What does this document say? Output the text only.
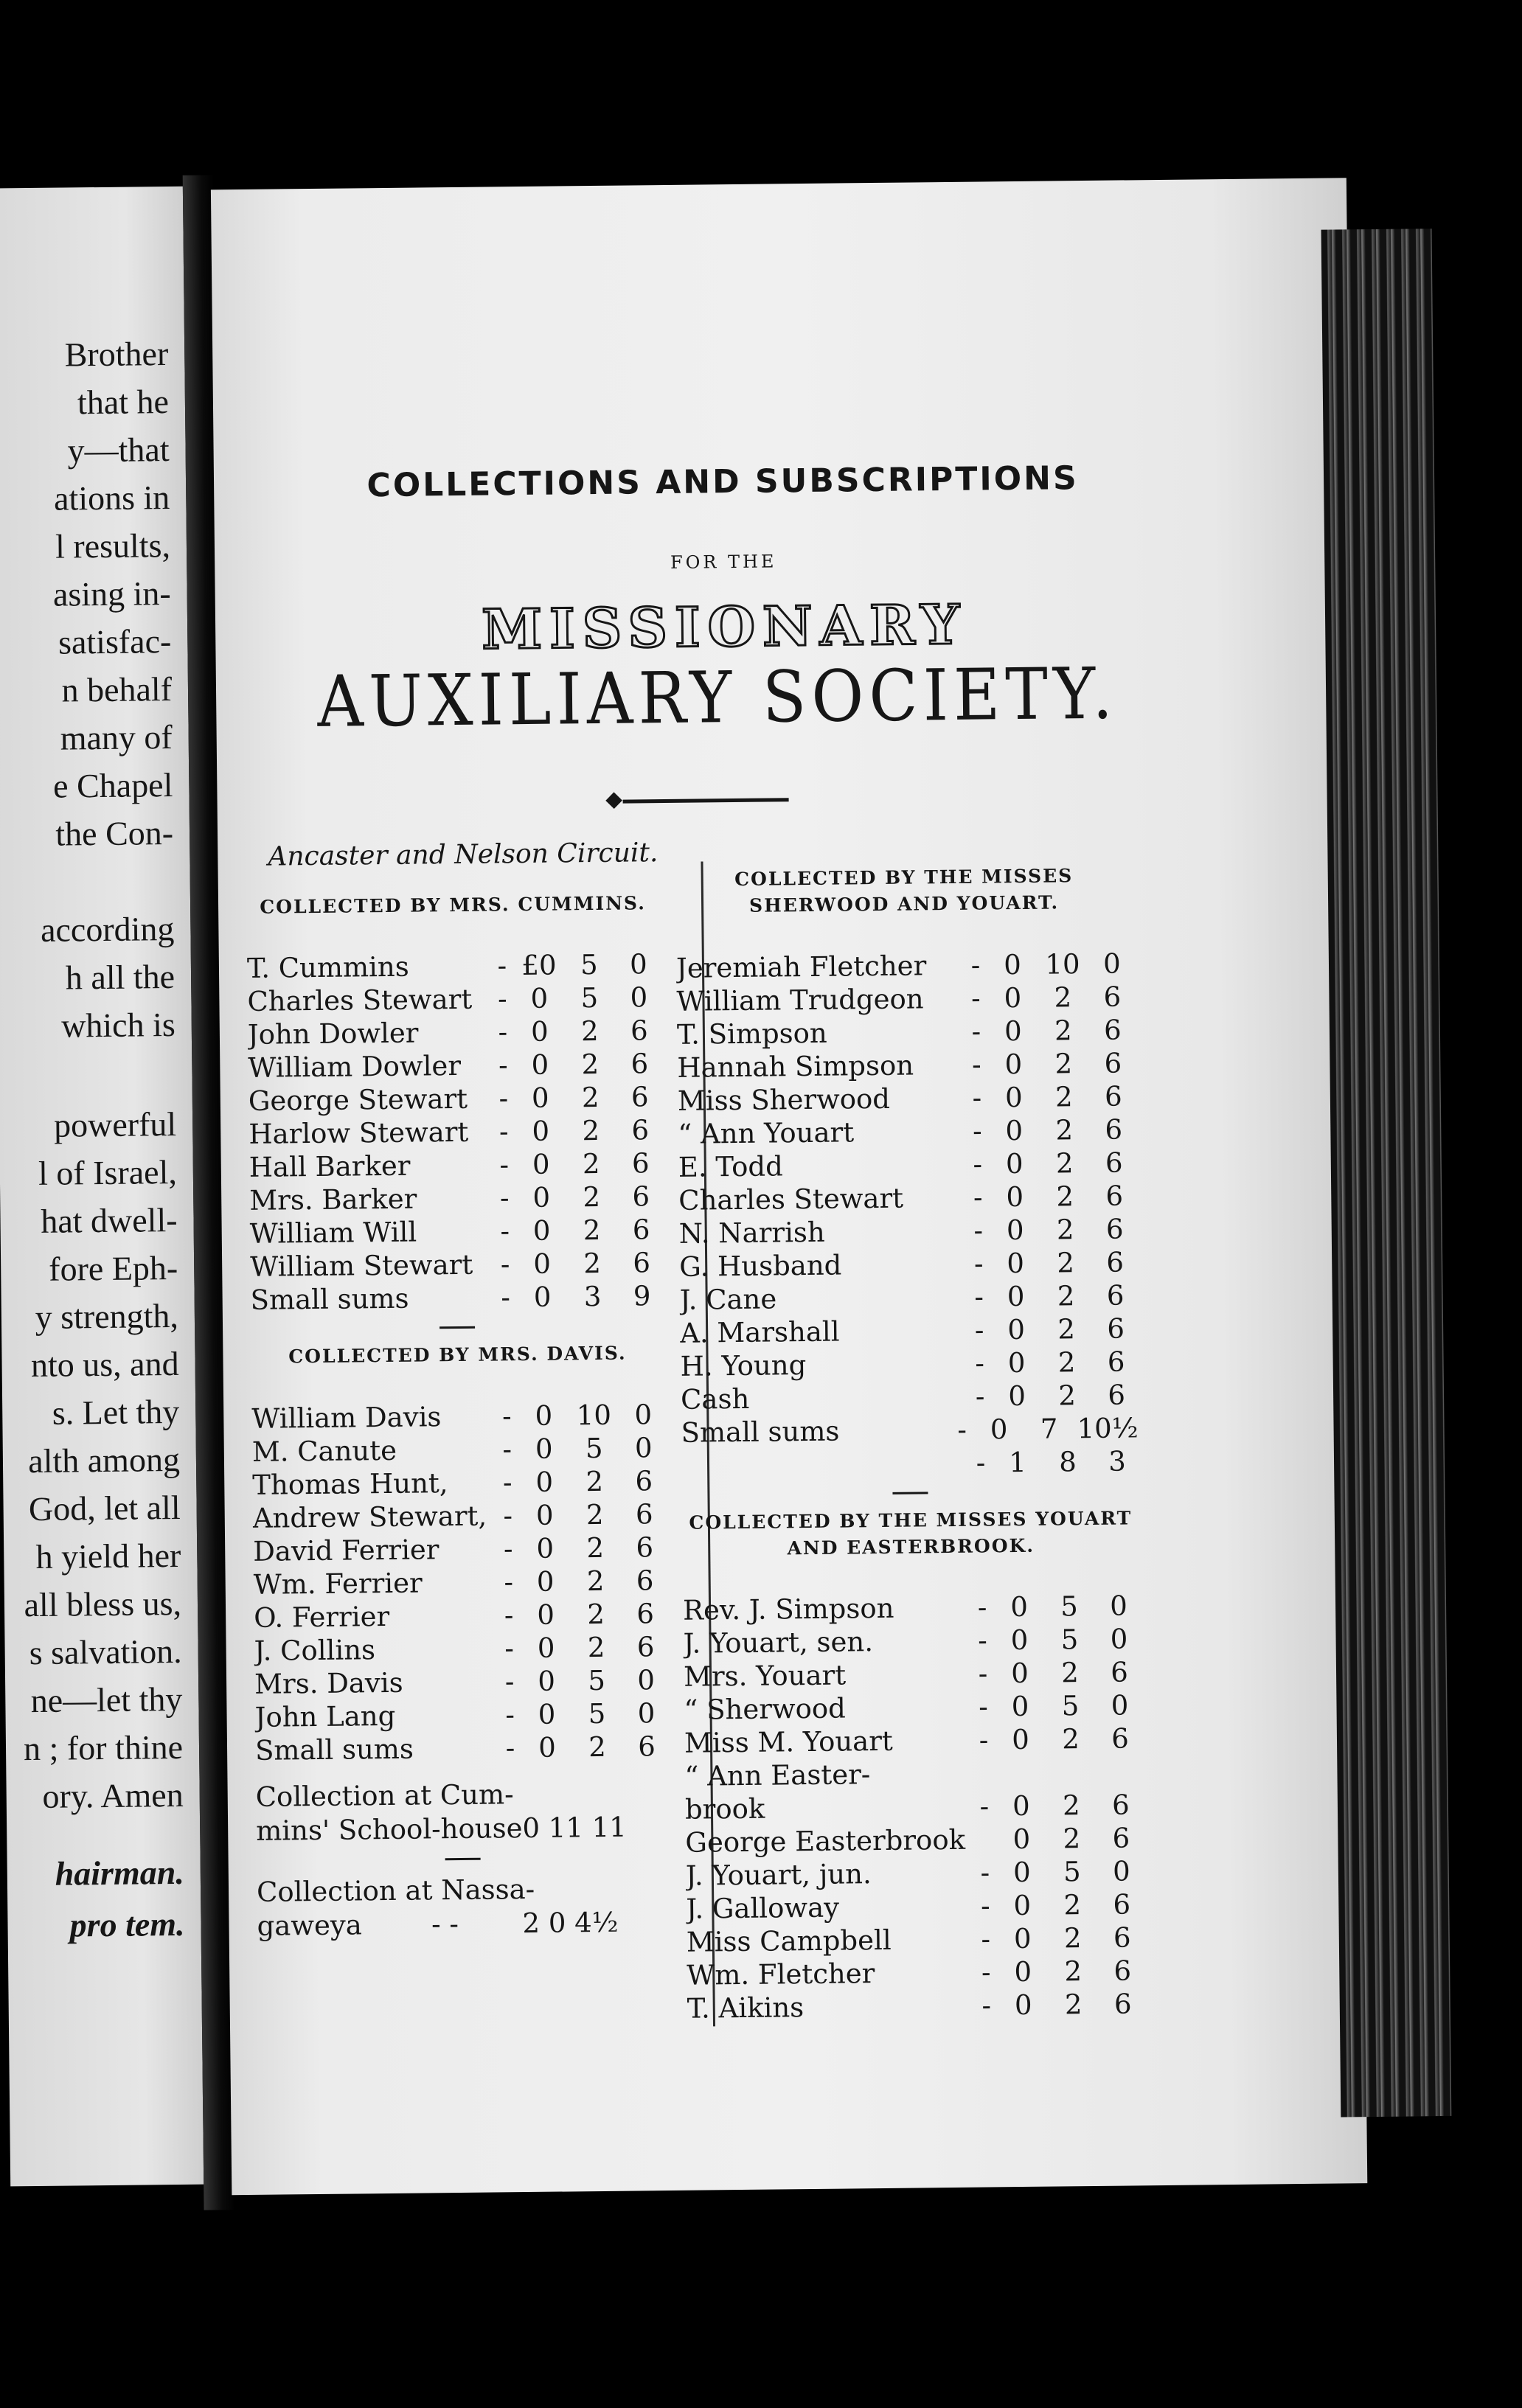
Brother
that he
y—that
ations in
l results,
asing in-
satisfac-
n behalf
many of
e Chapel
the Con-
according
h all the
which is
powerful
l of Israel,
hat dwell-
fore Eph-
y strength,
nto us, and
s. Let thy
alth among
God, let all
h yield her
all bless us,
s salvation.
ne—let thy
n ; for thine
ory. Amen
hairman.
pro tem.
COLLECTIONS AND SUBSCRIPTIONS
FOR THE
MISSIONARY
AUXILIARY SOCIETY.
Ancaster and Nelson Circuit.
COLLECTED BY MRS. CUMMINS.
T. Cummins	- £0 5	0
Charles Stewart - 0	5	0
John Dowler	- 0	2	6
William Dowler	- 0	2	6
George Stewart	- 0	2	6
Harlow Stewart	- 0	2	6
Hall Barker	- 0	2	6
Mrs. Barker	- 0	2	6
William Will	- 0	2	6
William Stewart	- 0	2	6
Small sums	- 0	3	9
COLLECTED BY MRS. DAVIS.
William Davis	- 0 10 0
M. Canute	- 0	5	0
Thomas Hunt,	- 0	2	6
Andrew Stewart, - 0	2	6
David Ferrier	- 0	2	6
Wm. Ferrier	- 0	2	6
O. Ferrier	- 0	2	6
J. Collins	- 0	2	6
Mrs. Davis	- 0	5	0
John Lang	- 0	5	0
Small sums	- 0	2	6
Collection at Cum-
mins' School-house 0 11 11
Collection at Nassa-
gaweya	- -	2 0 4½
COLLECTED BY THE MISSES SHERWOOD AND YOUART.
Jeremiah Fletcher	- 0 10 0
William Trudgeon	- 0	2	6
T. Simpson	- 0	2	6
Hannah Simpson	- 0	2	6
Miss Sherwood	- 0	2	6
“ Ann Youart	- 0	2	6
E. Todd	- 0	2	6
Charles Stewart	- 0	2	6
N. Narrish	- 0	2	6
G. Husband	- 0	2	6
J. Cane	- 0	2	6
A. Marshall	- 0	2	6
H. Young	- 0	2	6
Cash	- 0	2	6
Small sums	- 0	7 10½
- 1	8	3
COLLECTED BY THE MISSES YOUART AND EASTERBROOK.
Rev. J. Simpson	- 0	5	0
J. Youart, sen.	- 0	5	0
Mrs. Youart	- 0	2	6
“ Sherwood	- 0	5	0
Miss M. Youart	- 0	2	6
“ Ann Easter-
brook	- 0	2	6
George Easterbrook	0	2	6
J. Youart, jun.	- 0	5	0
J. Galloway	- 0	2	6
Miss Campbell	- 0	2	6
Wm. Fletcher	- 0	2	6
T. Aikins	- 0	2	6
